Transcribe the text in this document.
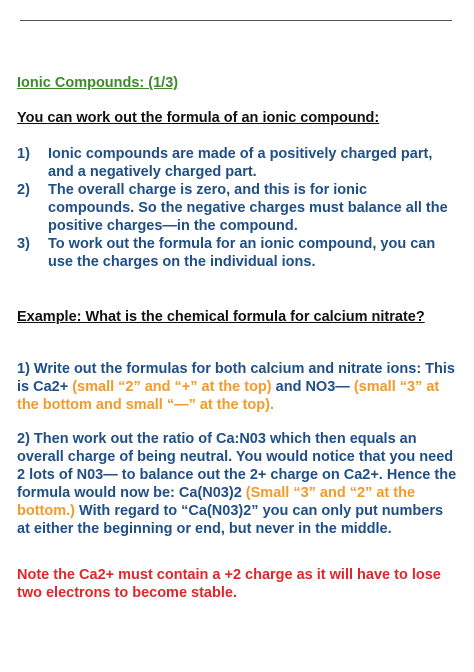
Ionic Compounds: (1/3)
You can work out the formula of an ionic compound:
1)	Ionic compounds are made of a positively charged part, and a negatively charged part.
2)	The overall charge is zero, and this is for ionic compounds. So the negative charges must balance all the positive charges—in the compound.
3)	To work out the formula for an ionic compound, you can use the charges on the individual ions.
Example: What is the chemical formula for calcium nitrate?
1) Write out the formulas for both calcium and nitrate ions: This is Ca2+ (small “2” and “+” at the top) and NO3— (small “3” at the bottom and small “—” at the top).
2) Then work out the ratio of Ca:N03 which then equals an overall charge of being neutral. You would notice that you need 2 lots of N03— to balance out the 2+ charge on Ca2+. Hence the formula would now be: Ca(N03)2 (Small “3” and “2” at the bottom.) With regard to “Ca(N03)2” you can only put numbers at either the beginning or end, but never in the middle.
Note the Ca2+ must contain a +2 charge as it will have to lose two electrons to become stable.
